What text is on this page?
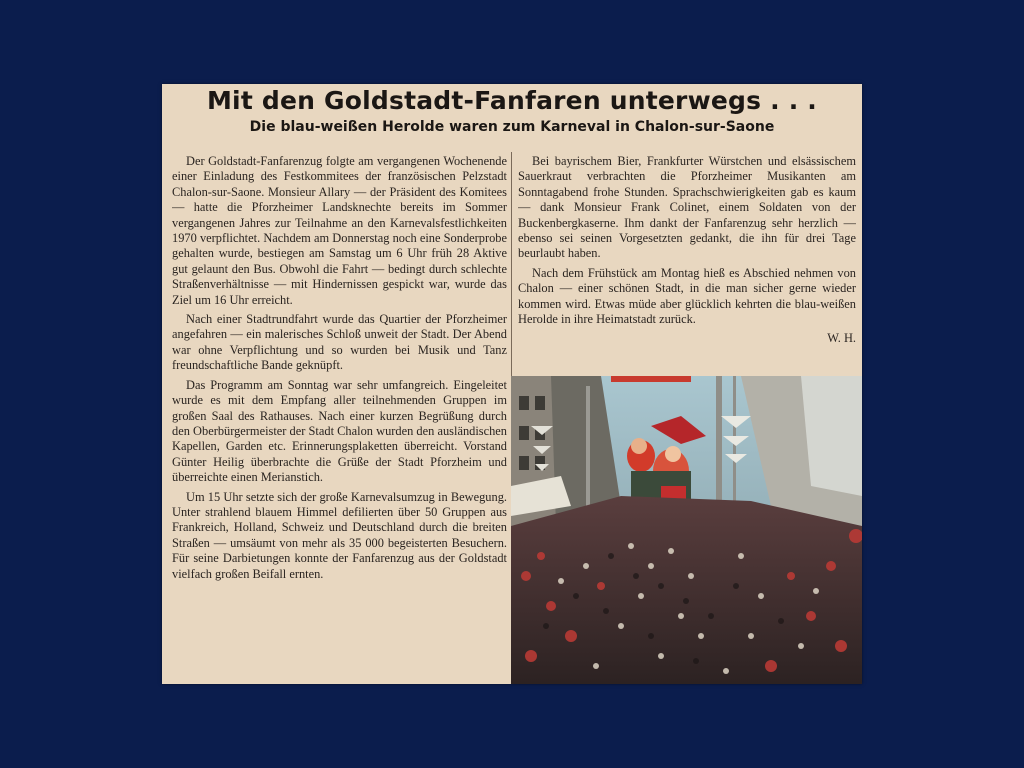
Mit den Goldstadt-Fanfaren unterwegs . . .
Die blau-weißen Herolde waren zum Karneval in Chalon-sur-Saone

Der Goldstadt-Fanfarenzug folgte am vergangenen Wochenende einer Einladung des Festkommitees der französischen Pelzstadt Chalon-sur-Saone. Monsieur Allary — der Präsident des Komitees — hatte die Pforzheimer Landsknechte bereits im Sommer vergangenen Jahres zur Teilnahme an den Karnevalsfestlichkeiten 1970 verpflichtet. Nachdem am Donnerstag noch eine Sonderprobe gehalten wurde, bestiegen am Samstag um 6 Uhr früh 28 Aktive gut gelaunt den Bus. Obwohl die Fahrt — bedingt durch schlechte Straßenverhältnisse — mit Hindernissen gespickt war, wurde das Ziel um 16 Uhr erreicht.

Nach einer Stadtrundfahrt wurde das Quartier der Pforzheimer angefahren — ein malerisches Schloß unweit der Stadt. Der Abend war ohne Verpflichtung und so wurden bei Musik und Tanz freundschaftliche Bande geknüpft.

Das Programm am Sonntag war sehr umfangreich. Eingeleitet wurde es mit dem Empfang aller teilnehmenden Gruppen im großen Saal des Rathauses. Nach einer kurzen Begrüßung durch den Oberbürgermeister der Stadt Chalon wurden den ausländischen Kapellen, Garden etc. Erinnerungsplaketten überreicht. Vorstand Günter Heilig überbrachte die Grüße der Stadt Pforzheim und überreichte einen Merianstich.

Um 15 Uhr setzte sich der große Karnevalsumzug in Bewegung. Unter strahlend blauem Himmel defilierten über 50 Gruppen aus Frankreich, Holland, Schweiz und Deutschland durch die breiten Straßen — umsäumt von mehr als 35 000 begeisterten Besuchern. Für seine Darbietungen konnte der Fanfarenzug aus der Goldstadt vielfach großen Beifall ernten.

Bei bayrischem Bier, Frankfurter Würstchen und elsässischem Sauerkraut verbrachten die Pforzheimer Musikanten am Sonntagabend frohe Stunden. Sprachschwierigkeiten gab es kaum — dank Monsieur Frank Colinet, einem Soldaten von der Buckenbergkaserne. Ihm dankt der Fanfarenzug sehr herzlich — ebenso sei seinen Vorgesetzten gedankt, die ihn für drei Tage beurlaubt haben.

Nach dem Frühstück am Montag hieß es Abschied nehmen von Chalon — einer schönen Stadt, in die man sicher gerne wieder kommen wird. Etwas müde aber glücklich kehrten die blau-weißen Herolde in ihre Heimatstadt zurück.

W. H.
